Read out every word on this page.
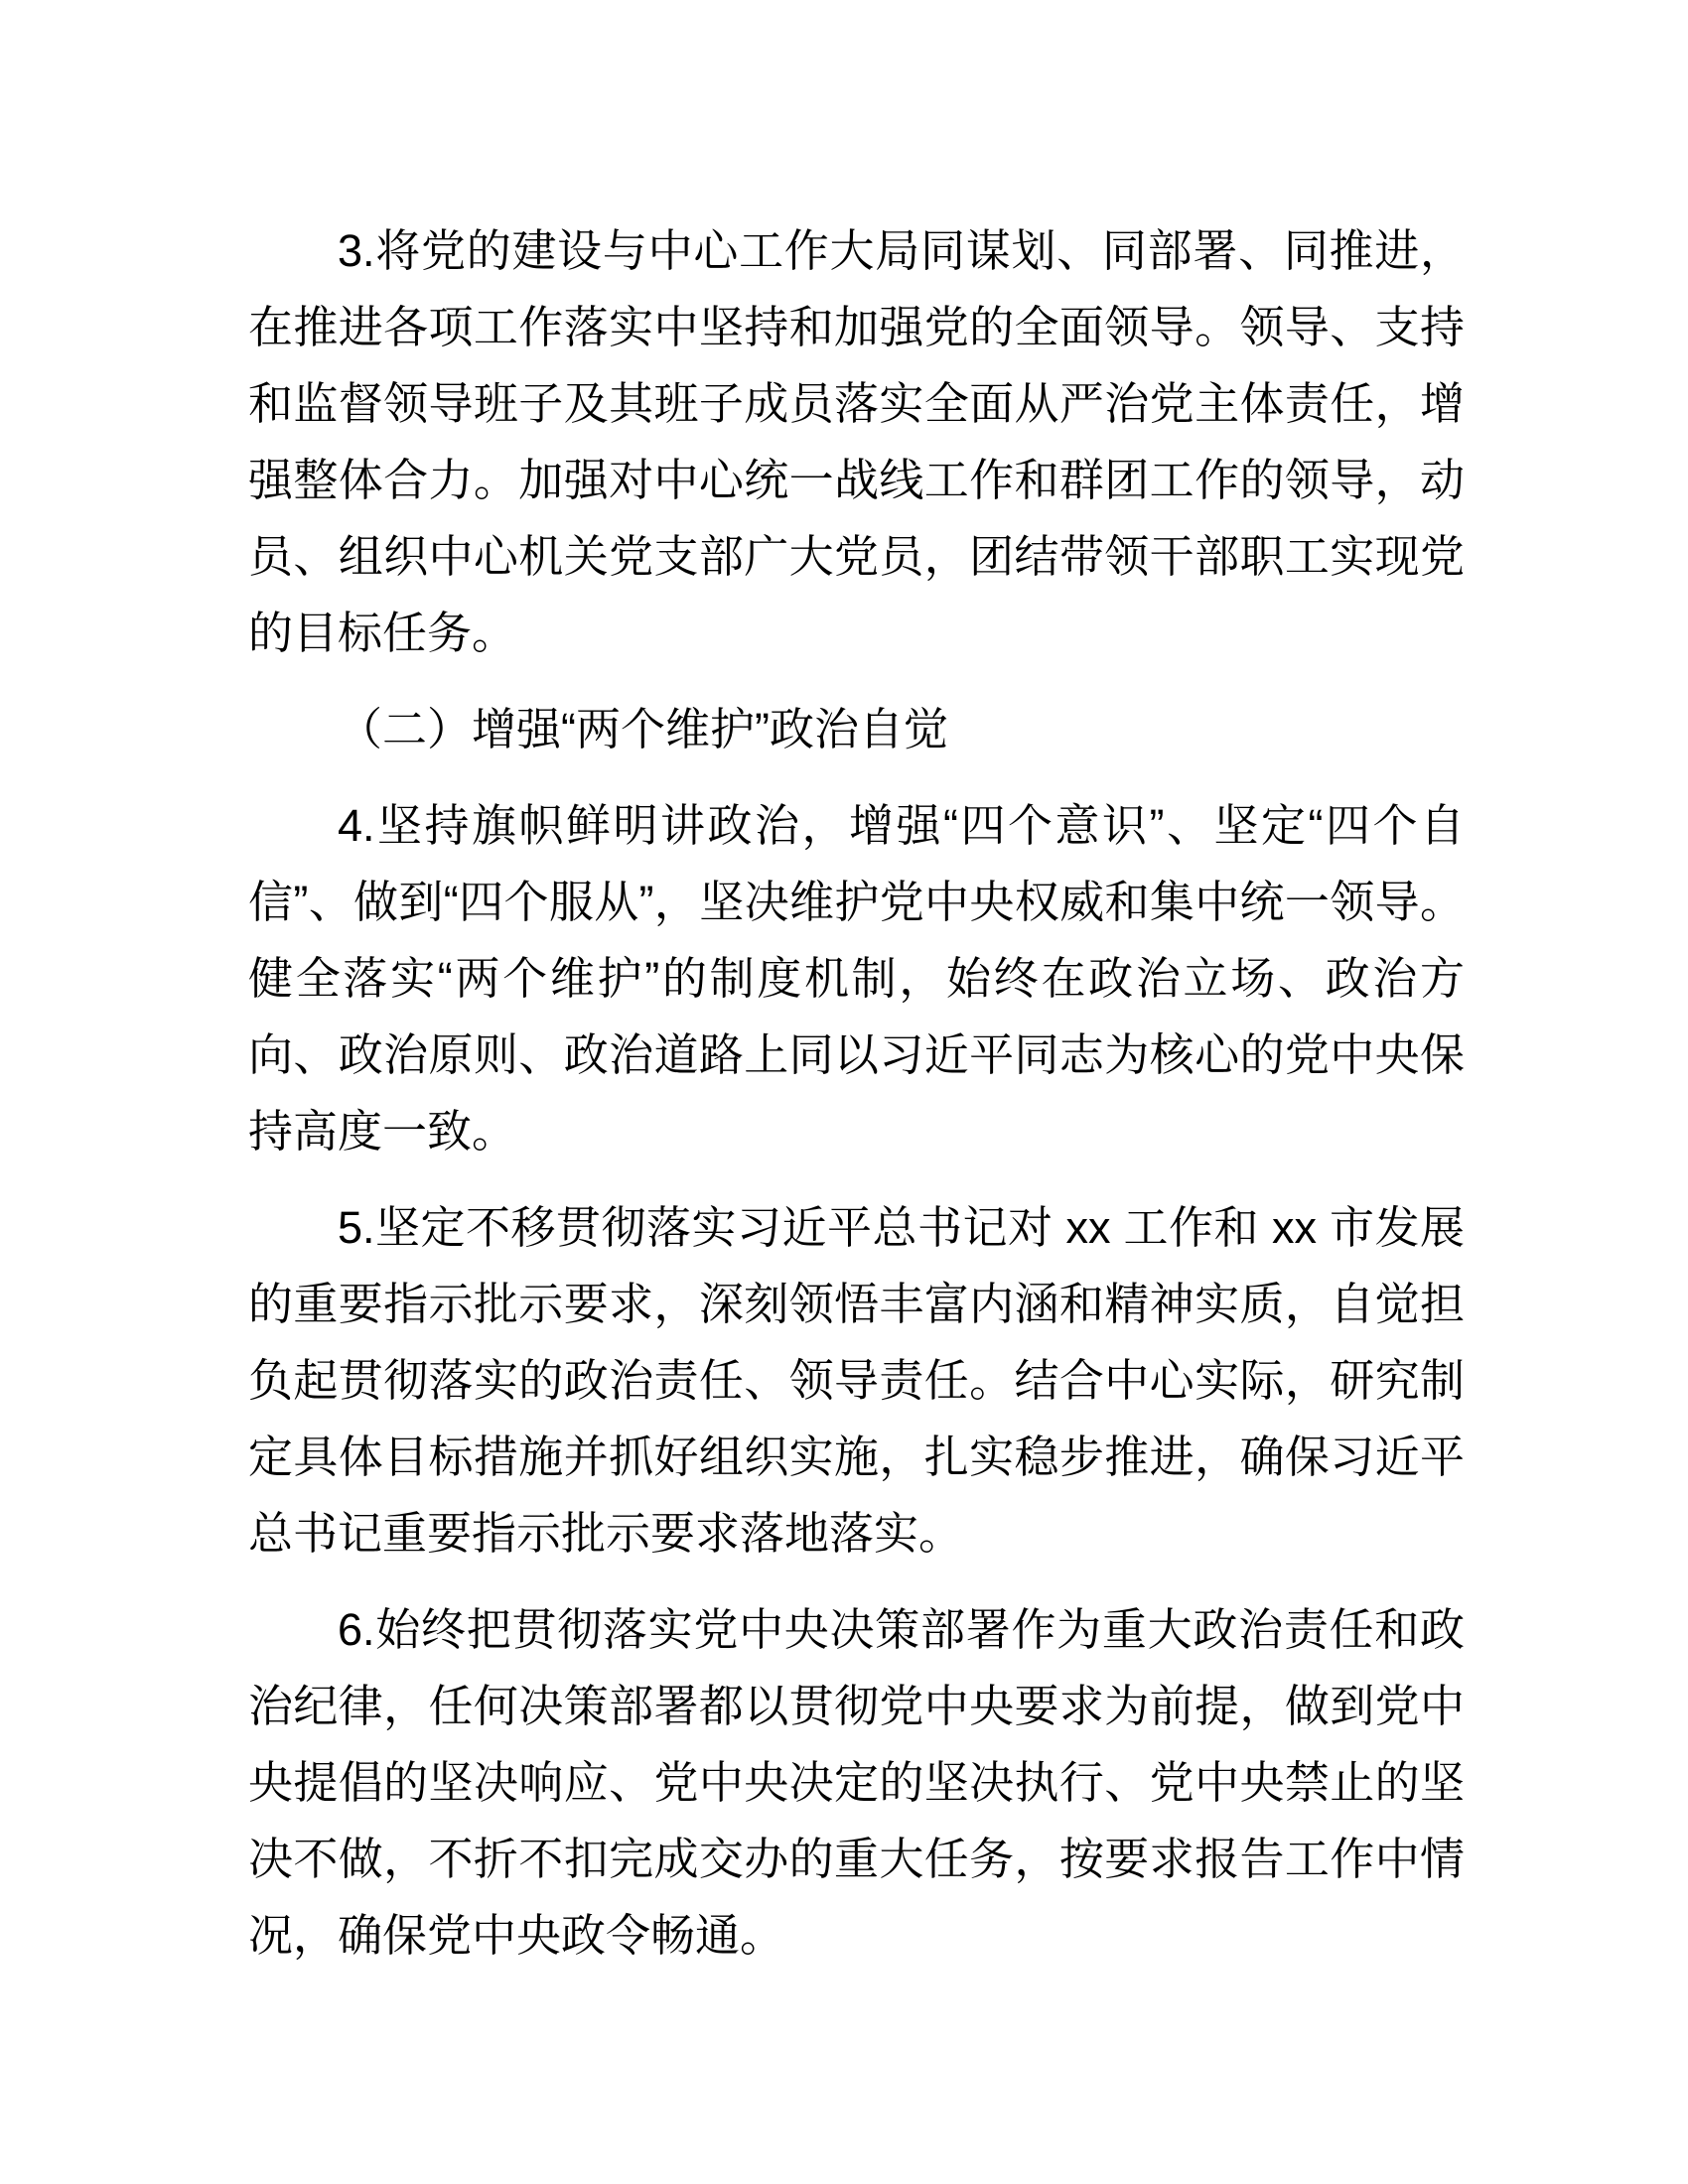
3.将党的建设与中心工作大局同谋划、同部署、同推进，在推进各项工作落实中坚持和加强党的全面领导。领导、支持和监督领导班子及其班子成员落实全面从严治党主体责任，增强整体合力。加强对中心统一战线工作和群团工作的领导，动员、组织中心机关党支部广大党员，团结带领干部职工实现党的目标任务。

（二）增强“两个维护”政治自觉

4.坚持旗帜鲜明讲政治，增强“四个意识”、坚定“四个自信”、做到“四个服从”，坚决维护党中央权威和集中统一领导。健全落实“两个维护”的制度机制，始终在政治立场、政治方向、政治原则、政治道路上同以习近平同志为核心的党中央保持高度一致。

5.坚定不移贯彻落实习近平总书记对 xx 工作和 xx 市发展的重要指示批示要求，深刻领悟丰富内涵和精神实质，自觉担负起贯彻落实的政治责任、领导责任。结合中心实际，研究制定具体目标措施并抓好组织实施，扎实稳步推进，确保习近平总书记重要指示批示要求落地落实。

6.始终把贯彻落实党中央决策部署作为重大政治责任和政治纪律，任何决策部署都以贯彻党中央要求为前提，做到党中央提倡的坚决响应、党中央决定的坚决执行、党中央禁止的坚决不做，不折不扣完成交办的重大任务，按要求报告工作中情况，确保党中央政令畅通。
